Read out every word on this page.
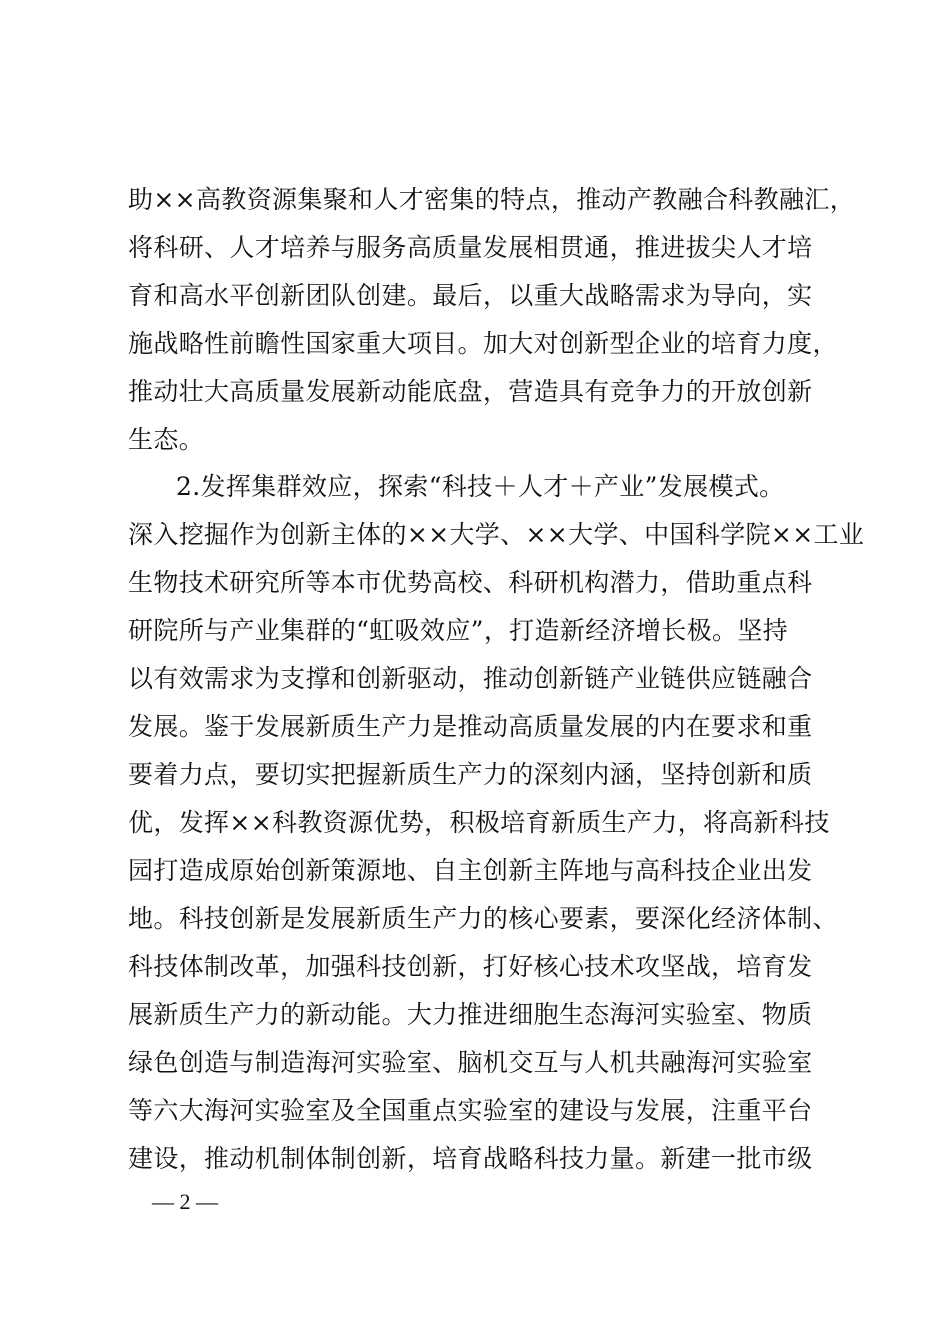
助××高教资源集聚和人才密集的特点，推动产教融合科教融汇，
将科研、人才培养与服务高质量发展相贯通，推进拔尖人才培
育和高水平创新团队创建。最后，以重大战略需求为导向，实
施战略性前瞻性国家重大项目。加大对创新型企业的培育力度，
推动壮大高质量发展新动能底盘，营造具有竞争力的开放创新
生态。
2.发挥集群效应，探索“科技＋人才＋产业”发展模式。
深入挖掘作为创新主体的××大学、××大学、中国科学院××工业
生物技术研究所等本市优势高校、科研机构潜力，借助重点科
研院所与产业集群的“虹吸效应”，打造新经济增长极。坚持
以有效需求为支撑和创新驱动，推动创新链产业链供应链融合
发展。鉴于发展新质生产力是推动高质量发展的内在要求和重
要着力点，要切实把握新质生产力的深刻内涵，坚持创新和质
优，发挥××科教资源优势，积极培育新质生产力，将高新科技
园打造成原始创新策源地、自主创新主阵地与高科技企业出发
地。科技创新是发展新质生产力的核心要素，要深化经济体制、
科技体制改革，加强科技创新，打好核心技术攻坚战，培育发
展新质生产力的新动能。大力推进细胞生态海河实验室、物质
绿色创造与制造海河实验室、脑机交互与人机共融海河实验室
等六大海河实验室及全国重点实验室的建设与发展，注重平台
建设，推动机制体制创新，培育战略科技力量。新建一批市级
— 2 —
